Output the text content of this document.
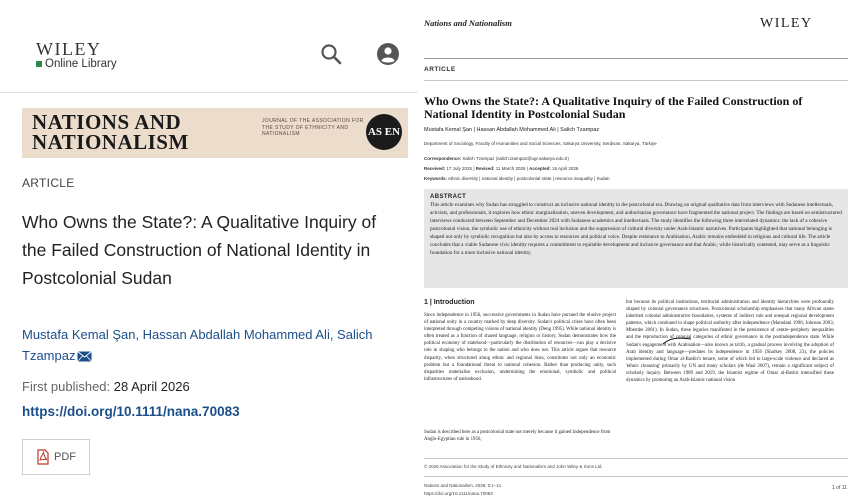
WILEY
Online Library
NATIONS AND
NATIONALISM
JOURNAL OF THE ASSOCIATION FOR THE STUDY OF ETHNICITY AND NATIONALISM	AS EN
ARTICLE
Who Owns the State?: A Qualitative Inquiry of the Failed Construction of National Identity in Postcolonial Sudan
Mustafa Kemal Şan, Hassan Abdallah Mohammed Ali, Salich Tzampaz
First published: 28 April 2026
https://doi.org/10.1111/nana.70083
PDF
Nations and Nationalism	WILEY
ARTICLE
Who Owns the State?: A Qualitative Inquiry of the Failed Construction of National Identity in Postcolonial Sudan
Mustafa Kemal Şan | Hassan Abdallah Mohammed Ali | Salich Tzampaz
Department of Sociology, Faculty of Humanities and Social Sciences, Sakarya University, Serdivan, Sakarya, Türkiye
Correspondence: Salich Tzampaz (salich.tzampaz@ogr.sakarya.edu.tr)
Received: 17 July 2025 | Revised: 11 March 2026 | Accepted: 16 April 2026
Keywords: ethnic diversity | national identity | postcolonial state | resource inequality | Sudan
ABSTRACT
This article examines why Sudan has struggled to construct an inclusive national identity in the postcolonial era. Drawing on original qualitative data from interviews with Sudanese intellectuals, activists, and professionals, it explores how ethnic marginalisation, uneven development, and authoritarian governance have fragmented the national project. The findings are based on semistructured interviews conducted between September and December 2024 with Sudanese academics and intellectuals. The study identifies the following three interrelated dynamics: the lack of a cohesive postcolonial vision, the symbolic use of ethnicity without real inclusion and the suppression of cultural diversity under Arab-Islamic narratives. Participants highlighted that national belonging is shaped not only by symbolic recognition but also by access to resources and political voice. Despite resistance to Arabisation, Arabic remains embedded in religious and cultural life. The article concludes that a viable Sudanese civic identity requires a commitment to equitable development and inclusive governance and that Arabic, while historically contested, may serve as a linguistic foundation for a more inclusive national identity.
1 | Introduction
Since independence in 1956, successive governments in Sudan have pursued the elusive project of national unity in a country marked by deep diversity. Sudan's political crises have often been interpreted through competing visions of national identity (Deng 1995). While national identity is often treated as a function of shared language, religion or history, Sudan demonstrates how the political economy of statehood—particularly the distribution of resources—can play a decisive role in shaping who belongs to the nation and who does not. This article argues that resource disparity, when structured along ethnic and regional lines, constitutes not only an economic problem but a foundational threat to national cohesion. Rather than producing unity, such disparities materialise exclusion, undermining the emotional, symbolic and political infrastructures of nationhood.
Sudan is described here as a postcolonial state not merely because it gained independence from Anglo-Egyptian rule in 1956,
but because its political institutions, territorial administration and identity hierarchies were profoundly shaped by colonial governance structures. Postcolonial scholarship emphasises that many African states inherited colonial administrative boundaries, systems of indirect rule and unequal regional development patterns, which continued to shape political authority after independence (Mamdani 1996; Johnson 2003; Mbembe 2001). In Sudan, these legacies manifested in the persistence of centre–periphery inequalities and the reproduction of colonial categories of ethnic governance in the postindependence state. While Sudan's engagement with Arabisation—also known as ta'rib, a gradual process involving the adoption of Arab identity and language—predates its independence in 1956 (Sharkey 2008, 23), the policies implemented during Omar al-Bashir's tenure, some of which led to large-scale violence and declared as 'ethnic cleansing' primarily by UN and many scholars (de Waal 2007), remain a significant subject of scholarly inquiry. Between 1989 and 2019, the Islamist regime of Omar al-Bashir intensified these dynamics by promoting an Arab-Islamic national vision
© 2026 Association for the Study of Ethnicity and Nationalism and John Wiley & Sons Ltd.
Nations and Nationalism, 2026; 0:1–11
https://doi.org/10.1111/nana.70083
1 of 11
